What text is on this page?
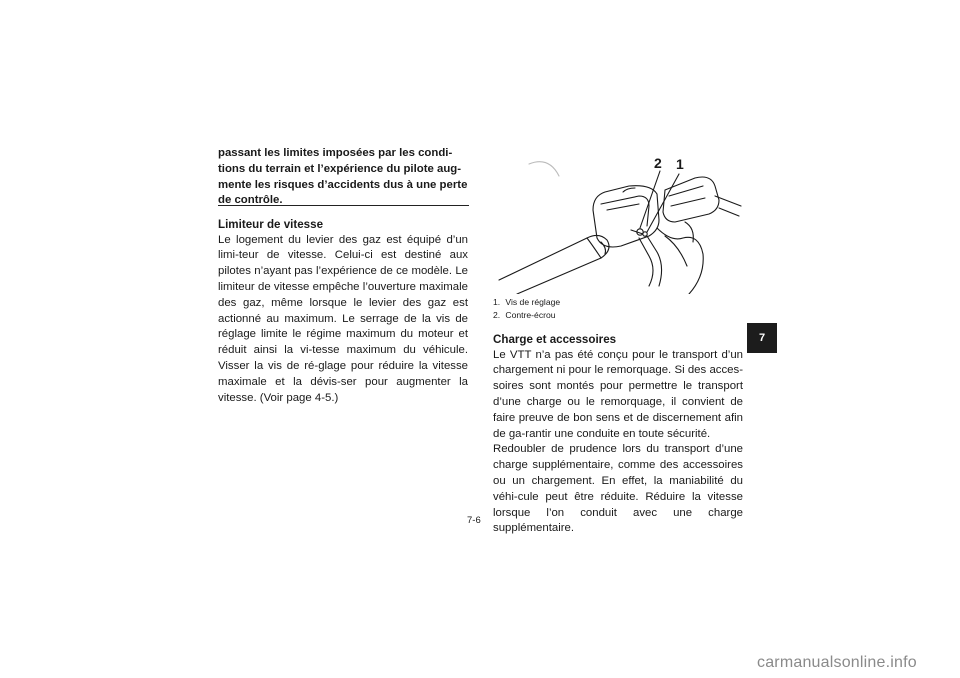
passant les limites imposées par les condi-
tions du terrain et l’expérience du pilote aug-
mente les risques d’accidents dus à une perte
de contrôle.

Limiteur de vitesse

Le logement du levier des gaz est équipé d’un limi-teur de vitesse. Celui-ci est destiné aux pilotes n’ayant pas l’expérience de ce modèle. Le limiteur de vitesse empêche l’ouverture maximale des gaz, même lorsque le levier des gaz est actionné au maximum. Le serrage de la vis de réglage limite le régime maximum du moteur et réduit ainsi la vi-tesse maximum du véhicule. Visser la vis de ré-glage pour réduire la vitesse maximale et la dévis-ser pour augmenter la vitesse. (Voir page 4-5.)

2 1
1. Vis de réglage
2. Contre-écrou

Charge et accessoires

Le VTT n’a pas été conçu pour le transport d’un chargement ni pour le remorquage. Si des acces-soires sont montés pour permettre le transport d’une charge ou le remorquage, il convient de faire preuve de bon sens et de discernement afin de ga-rantir une conduite en toute sécurité.

Redoubler de prudence lors du transport d’une charge supplémentaire, comme des accessoires ou un chargement. En effet, la maniabilité du véhi-cule peut être réduite. Réduire la vitesse lorsque l’on conduit avec une charge supplémentaire.

7-6
7
carmanualsonline.info
